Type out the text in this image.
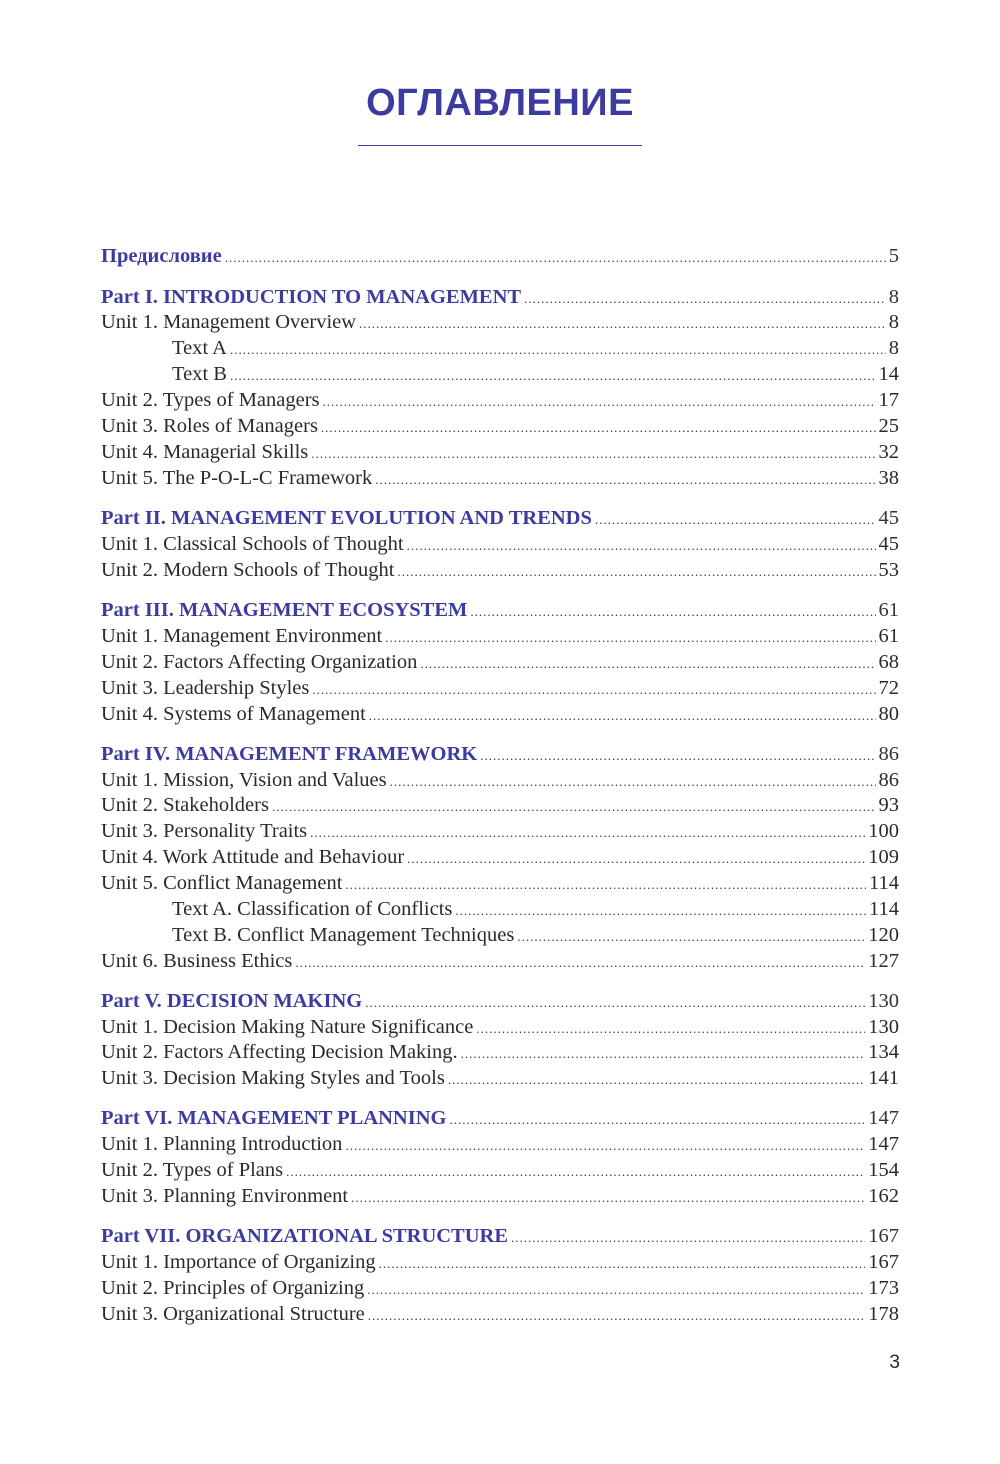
ОГЛАВЛЕНИЕ
Предисловие .....	5
Part I. INTRODUCTION TO MANAGEMENT .....	8
Unit 1. Management Overview .....	8
Text A .....	8
Text B .....	14
Unit 2. Types of Managers .....	17
Unit 3. Roles of Managers .....	25
Unit 4. Managerial Skills .....	32
Unit 5. The P-O-L-C Framework .....	38
Part II. MANAGEMENT EVOLUTION AND TRENDS .....	45
Unit 1. Classical Schools of Thought .....	45
Unit 2. Modern Schools of Thought .....	53
Part III. MANAGEMENT ECOSYSTEM .....	61
Unit 1. Management Environment .....	61
Unit 2. Factors Affecting Organization .....	68
Unit 3. Leadership Styles .....	72
Unit 4. Systems of Management .....	80
Part IV. MANAGEMENT FRAMEWORK .....	86
Unit 1. Mission, Vision and Values .....	86
Unit 2. Stakeholders .....	93
Unit 3. Personality Traits .....	100
Unit 4. Work Attitude and Behaviour .....	109
Unit 5. Conflict Management .....	114
Text A. Classification of Conflicts .....	114
Text B. Conflict Management Techniques .....	120
Unit 6. Business Ethics .....	127
Part V. DECISION MAKING .....	130
Unit 1. Decision Making Nature Significance .....	130
Unit 2. Factors Affecting Decision Making. .....	134
Unit 3. Decision Making Styles and Tools .....	141
Part VI. MANAGEMENT PLANNING .....	147
Unit 1. Planning Introduction .....	147
Unit 2. Types of Plans .....	154
Unit 3. Planning Environment .....	162
Part VII. ORGANIZATIONAL STRUCTURE .....	167
Unit 1. Importance of Organizing .....	167
Unit 2. Principles of Organizing .....	173
Unit 3. Organizational Structure .....	178
3
